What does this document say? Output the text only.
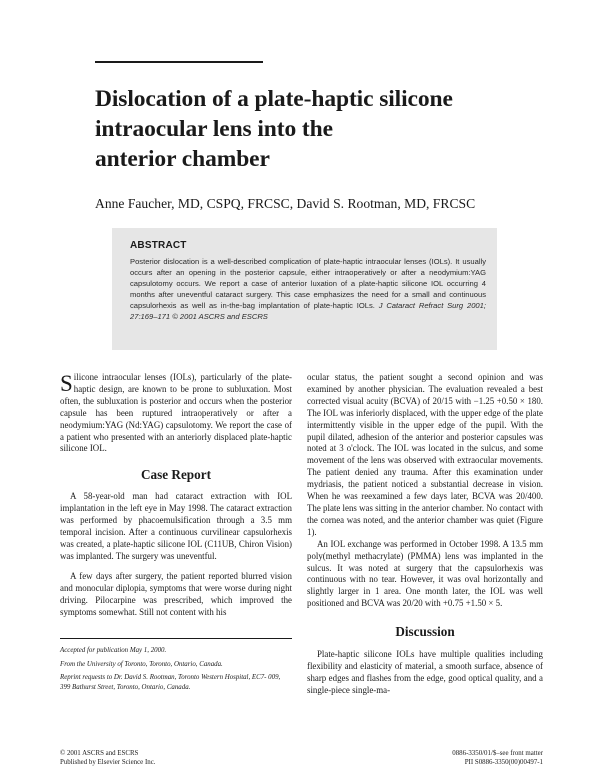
Dislocation of a plate-haptic silicone
intraocular lens into the
anterior chamber

Anne Faucher, MD, CSPQ, FRCSC, David S. Rootman, MD, FRCSC

ABSTRACT

Posterior dislocation is a well-described complication of plate-haptic intraocular lenses (IOLs). It usually occurs after an opening in the posterior capsule, either intraoperatively or after a neodymium:YAG capsulotomy occurs. We report a case of anterior luxation of a plate-haptic silicone IOL occurring 4 months after uneventful cataract surgery. This case emphasizes the need for a small and continuous capsulorhexis as well as in-the-bag implantation of plate-haptic IOLs. J Cataract Refract Surg 2001; 27:169–171 © 2001 ASCRS and ESCRS

Silicone intraocular lenses (IOLs), particularly of the plate-haptic design, are known to be prone to subluxation. Most often, the subluxation is posterior and occurs when the posterior capsule has been ruptured intraoperatively or after a neodymium:YAG (Nd:YAG) capsulotomy. We report the case of a patient who presented with an anteriorly displaced plate-haptic silicone IOL.

Case Report

A 58-year-old man had cataract extraction with IOL implantation in the left eye in May 1998. The cataract extraction was performed by phacoemulsification through a 3.5 mm temporal incision. After a continuous curvilinear capsulorhexis was created, a plate-haptic silicone IOL (C11UB, Chiron Vision) was implanted. The surgery was uneventful.

A few days after surgery, the patient reported blurred vision and monocular diplopia, symptoms that were worse during night driving. Pilocarpine was prescribed, which improved the symptoms somewhat. Still not content with his

Accepted for publication May 1, 2000.

From the University of Toronto, Toronto, Ontario, Canada.

Reprint requests to Dr. David S. Rootman, Toronto Western Hospital, EC7- 009, 399 Bathurst Street, Toronto, Ontario, Canada.

ocular status, the patient sought a second opinion and was examined by another physician. The evaluation revealed a best corrected visual acuity (BCVA) of 20/15 with −1.25 +0.50 × 180. The IOL was inferiorly displaced, with the upper edge of the plate intermittently visible in the upper edge of the pupil. With the pupil dilated, adhesion of the anterior and posterior capsules was noted at 3 o'clock. The IOL was located in the sulcus, and some movement of the lens was observed with extraocular movements. The patient denied any trauma. After this examination under mydriasis, the patient noticed a substantial decrease in vision. When he was reexamined a few days later, BCVA was 20/400. The plate lens was sitting in the anterior chamber. No contact with the cornea was noted, and the anterior chamber was quiet (Figure 1).

An IOL exchange was performed in October 1998. A 13.5 mm poly(methyl methacrylate) (PMMA) lens was implanted in the sulcus. It was noted at surgery that the capsulorhexis was continuous with no tear. However, it was oval horizontally and slightly larger in 1 area. One month later, the IOL was well positioned and BCVA was 20/20 with +0.75 +1.50 × 5.

Discussion

Plate-haptic silicone IOLs have multiple qualities including flexibility and elasticity of material, a smooth surface, absence of sharp edges and flashes from the edge, good optical quality, and a single-piece single-ma-

© 2001 ASCRS and ESCRS

Published by Elsevier Science Inc.

0886-3350/01/$–see front matter

PII S0886-3350(00)00497-1
